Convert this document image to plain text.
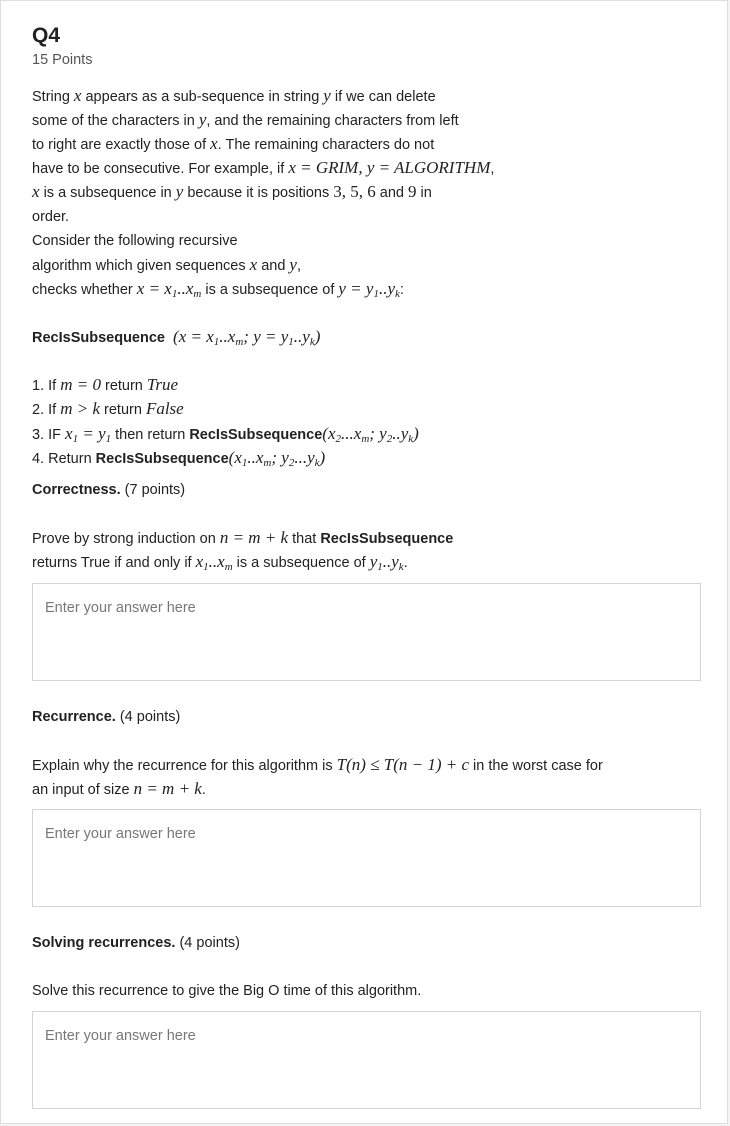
Q4
15 Points
String x appears as a sub-sequence in string y if we can delete
some of the characters in y, and the remaining characters from left
to right are exactly those of x. The remaining characters do not
have to be consecutive. For example, if x = GRIM, y = ALGORITHM,
x is a subsequence in y because it is positions 3, 5, 6 and 9 in
order.
Consider the following recursive
algorithm which given sequences x and y,
checks whether $x = x_1..x_m$ is a subsequence of $y = y_1..y_k$:
RecIsSubsequence ($x = x_1..x_m$; $y = y_1..y_k$)
1. If m = 0 return True
2. If m > k return False
3. IF $x_1 = y_1$ then return $RecIsSubsequence(x_2...x_m$; $y_2..y_k$)
4. Return $RecIsSubsequence(x_1..x_m$; $y_2...y_k$)
Correctness. (7 points)
Prove by strong induction on n = m + k that RecIsSubsequence
returns True if and only if $x_1..x_m$ is a subsequence of $y_1..y_k$.
Enter your answer here
Recurrence. (4 points)
Explain why the recurrence for this algorithm is T(n) ≤ T(n − 1) + c in the worst case for
an input of size n = m + k.
Enter your answer here
Solving recurrences. (4 points)
Solve this recurrence to give the Big O time of this algorithm.
Enter your answer here
